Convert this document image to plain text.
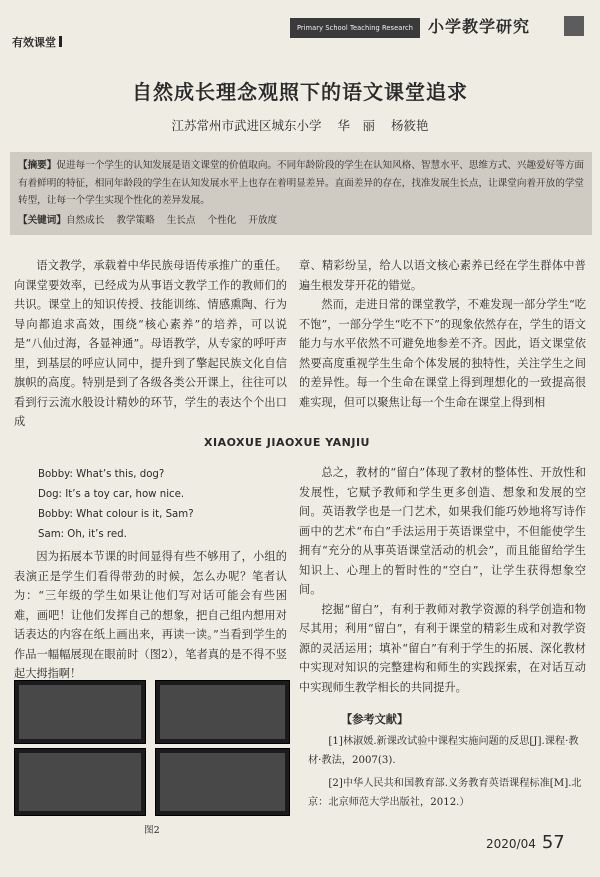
有效课堂
Primary School Teaching Research 小学教学研究
自然成长理念观照下的语文课堂追求
江苏常州市武进区城东小学 华　丽 杨筱艳
【摘要】促进每一个学生的认知发展是语文课堂的价值取向。不同年龄阶段的学生在认知风格、智慧水平、思维方式、兴趣爱好等方面有着鲜明的特征，相同年龄段的学生在认知发展水平上也存在着明显差异。直面差异的存在，找准发展生长点，让课堂向着开放的学堂转型，让每一个学生实现个性化的差异发展。
【关键词】自然成长 教学策略 生长点 个性化 开放度

语文教学，承载着中华民族母语传承推广的重任。向课堂要效率，已经成为从事语文教学工作的教师们的共识。课堂上的知识传授、技能训练、情感熏陶、行为导向都追求高效，围绕“核心素养”的培养，可以说是“八仙过海，各显神通”。母语教学，从专家的呼吁声里，到基层的呼应认同中，提升到了擎起民族文化自信旗帜的高度。特别是到了各级各类公开课上，往往可以看到行云流水般设计精妙的环节，学生的表达个个出口成

章、精彩纷呈，给人以语文核心素养已经在学生群体中普遍生根发芽开花的错觉。

然而，走进日常的课堂教学，不难发现一部分学生“吃不饱”，一部分学生“吃不下”的现象依然存在，学生的语文能力与水平依然不可避免地参差不齐。因此，语文课堂依然要高度重视学生生命个体发展的独特性，关注学生之间的差异性。每一个生命在课堂上得到理想化的一致提高很难实现，但可以聚焦让每一个生命在课堂上得到相

XIAOXUE JIAOXUE YANJIU
Bobby: What’s this, dog?
Dog: It’s a toy car, how nice.
Bobby: What colour is it, Sam?
Sam: Oh, it’s red.

因为拓展本节课的时间显得有些不够用了，小组的表演正是学生们看得带劲的时候，怎么办呢？笔者认为：“三年级的学生如果让他们写对话可能会有些困难，画吧！让他们发挥自己的想象，把自己组内想用对话表达的内容在纸上画出来，再读一读。”当看到学生的作品一幅幅展现在眼前时（图2），笔者真的是不得不竖起大拇指啊！

总之，教材的“留白”体现了教材的整体性、开放性和发展性，它赋予教师和学生更多创造、想象和发展的空间。英语教学也是一门艺术，如果我们能巧妙地将写诗作画中的艺术“布白”手法运用于英语课堂中，不但能使学生拥有“充分的从事英语课堂活动的机会”，而且能留给学生知识上、心理上的暂时性的“空白”，让学生获得想象空间。

挖掘“留白”，有利于教师对教学资源的科学创造和物尽其用；利用“留白”，有利于课堂的精彩生成和对教学资源的灵活运用；填补“留白”有利于学生的拓展、深化教材中实现对知识的完整建构和师生的实践探索，在对话互动中实现师生教学相长的共同提升。

图2
【参考文献】

[1]林淑媛.新课改试验中课程实施问题的反思[J].课程·教材·教法，2007(3).

[2]中华人民共和国教育部.义务教育英语课程标准[M].北京：北京师范大学出版社，2012.）

2020/04 57
